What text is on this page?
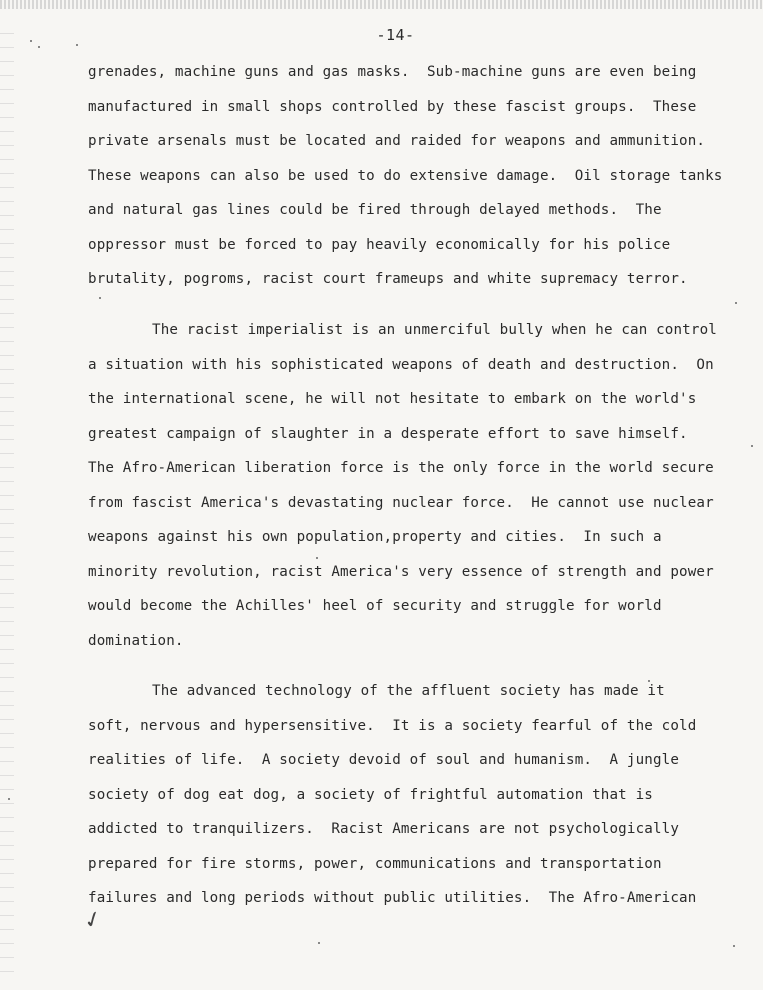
-14-
grenades, machine guns and gas masks.  Sub-machine guns are even being
manufactured in small shops controlled by these fascist groups.  These
private arsenals must be located and raided for weapons and ammunition.
These weapons can also be used to do extensive damage.  Oil storage tanks
and natural gas lines could be fired through delayed methods.  The
oppressor must be forced to pay heavily economically for his police
brutality, pogroms, racist court frameups and white supremacy terror.
The racist imperialist is an unmerciful bully when he can control
a situation with his sophisticated weapons of death and destruction.  On
the international scene, he will not hesitate to embark on the world's
greatest campaign of slaughter in a desperate effort to save himself.
The Afro-American liberation force is the only force in the world secure
from fascist America's devastating nuclear force.  He cannot use nuclear
weapons against his own population,property and cities.  In such a
minority revolution, racist America's very essence of strength and power
would become the Achilles' heel of security and struggle for world
domination.
The advanced technology of the affluent society has made it
soft, nervous and hypersensitive.  It is a society fearful of the cold
realities of life.  A society devoid of soul and humanism.  A jungle
society of dog eat dog, a society of frightful automation that is
addicted to tranquilizers.  Racist Americans are not psychologically
prepared for fire storms, power, communications and transportation
failures and long periods without public utilities.  The Afro-American
✓
